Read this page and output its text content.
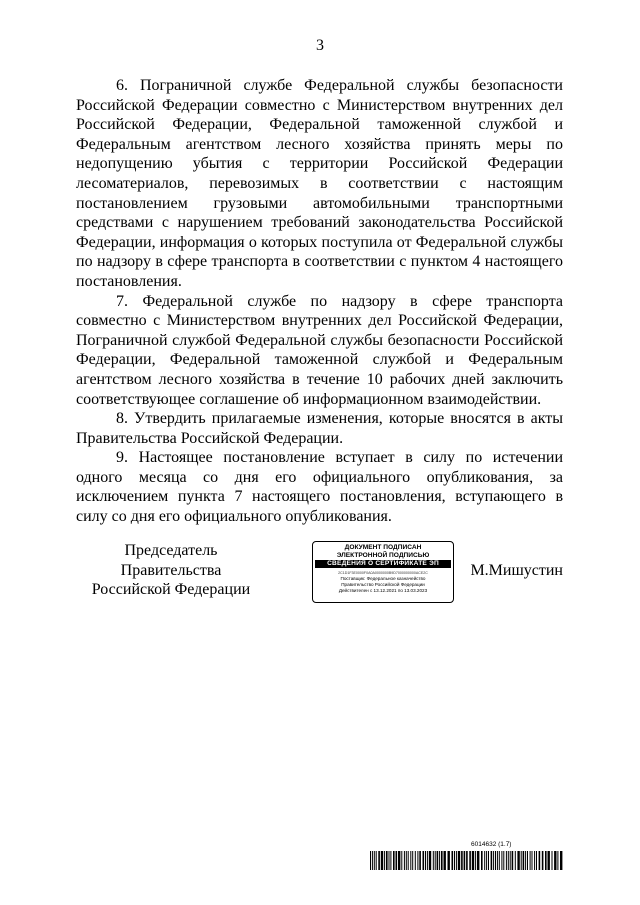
3

6. Пограничной службе Федеральной службы безопасности Российской Федерации совместно с Министерством внутренних дел Российской Федерации, Федеральной таможенной службой и Федеральным агентством лесного хозяйства принять меры по недопущению убытия с территории Российской Федерации лесоматериалов, перевозимых в соответствии с настоящим постановлением грузовыми автомобильными транспортными средствами с нарушением требований законодательства Российской Федерации, информация о которых поступила от Федеральной службы по надзору в сфере транспорта в соответствии с пунктом 4 настоящего постановления.

7. Федеральной службе по надзору в сфере транспорта совместно с Министерством внутренних дел Российской Федерации, Пограничной службой Федеральной службы безопасности Российской Федерации, Федеральной таможенной службой и Федеральным агентством лесного хозяйства в течение 10 рабочих дней заключить соответствующее соглашение об информационном взаимодействии.

8. Утвердить прилагаемые изменения, которые вносятся в акты Правительства Российской Федерации.

9. Настоящее постановление вступает в силу по истечении одного месяца со дня его официального опубликования, за исключением пункта 7 настоящего постановления, вступающего в силу со дня его официального опубликования.

Председатель Правительства
Российской Федерации
ДОКУМЕНТ ПОДПИСАН
ЭЛЕКТРОННОЙ ПОДПИСЬЮ
СВЕДЕНИЯ О СЕРТИФИКАТЕ ЭП
2C1D1F3E0000F0A0A0000000B9D7000000000ACE2C
Поставщик: Федеральное казначейство
Правительство Российской Федерации
Действителен с 13.12.2021 по 13.03.2023
М.Мишустин
6014632 (1.7)
